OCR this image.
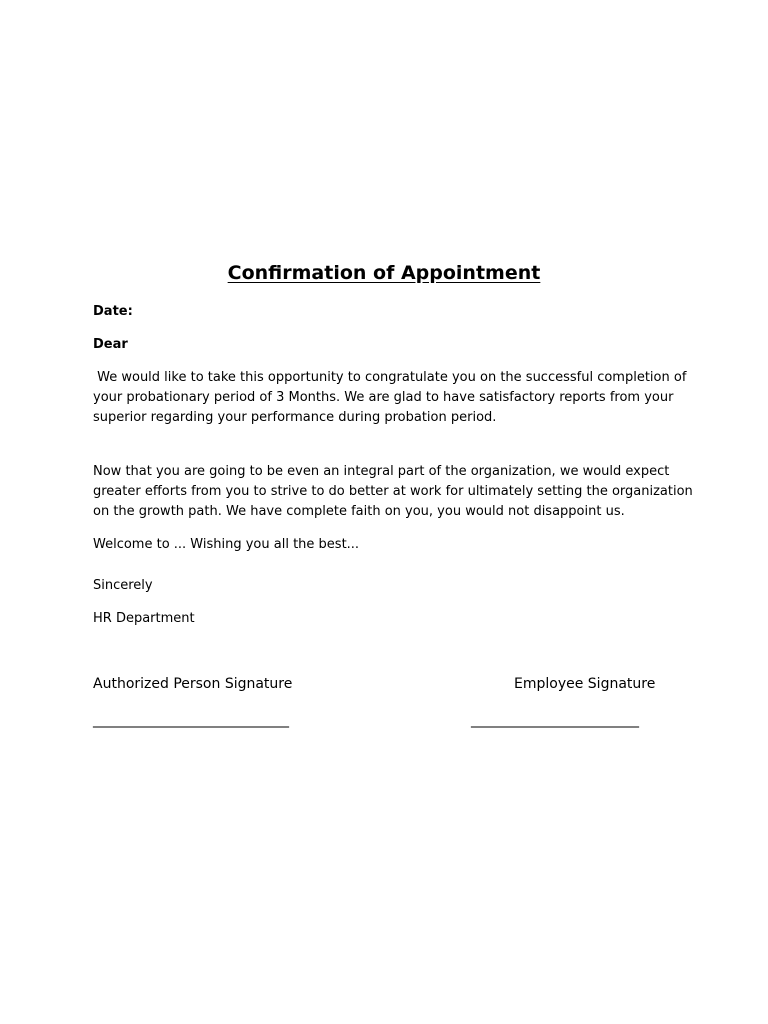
Confirmation of Appointment
Date:
Dear
We would like to take this opportunity to congratulate you on the successful completion of
your probationary period of 3 Months. We are glad to have satisfactory reports from your
superior regarding your performance during probation period.
Now that you are going to be even an integral part of the organization, we would expect
greater efforts from you to strive to do better at work for ultimately setting the organization
on the growth path. We have complete faith on you, you would not disappoint us.
Welcome to ... Wishing you all the best...
Sincerely
HR Department
Authorized Person Signature	Employee Signature
____________________________	________________________
